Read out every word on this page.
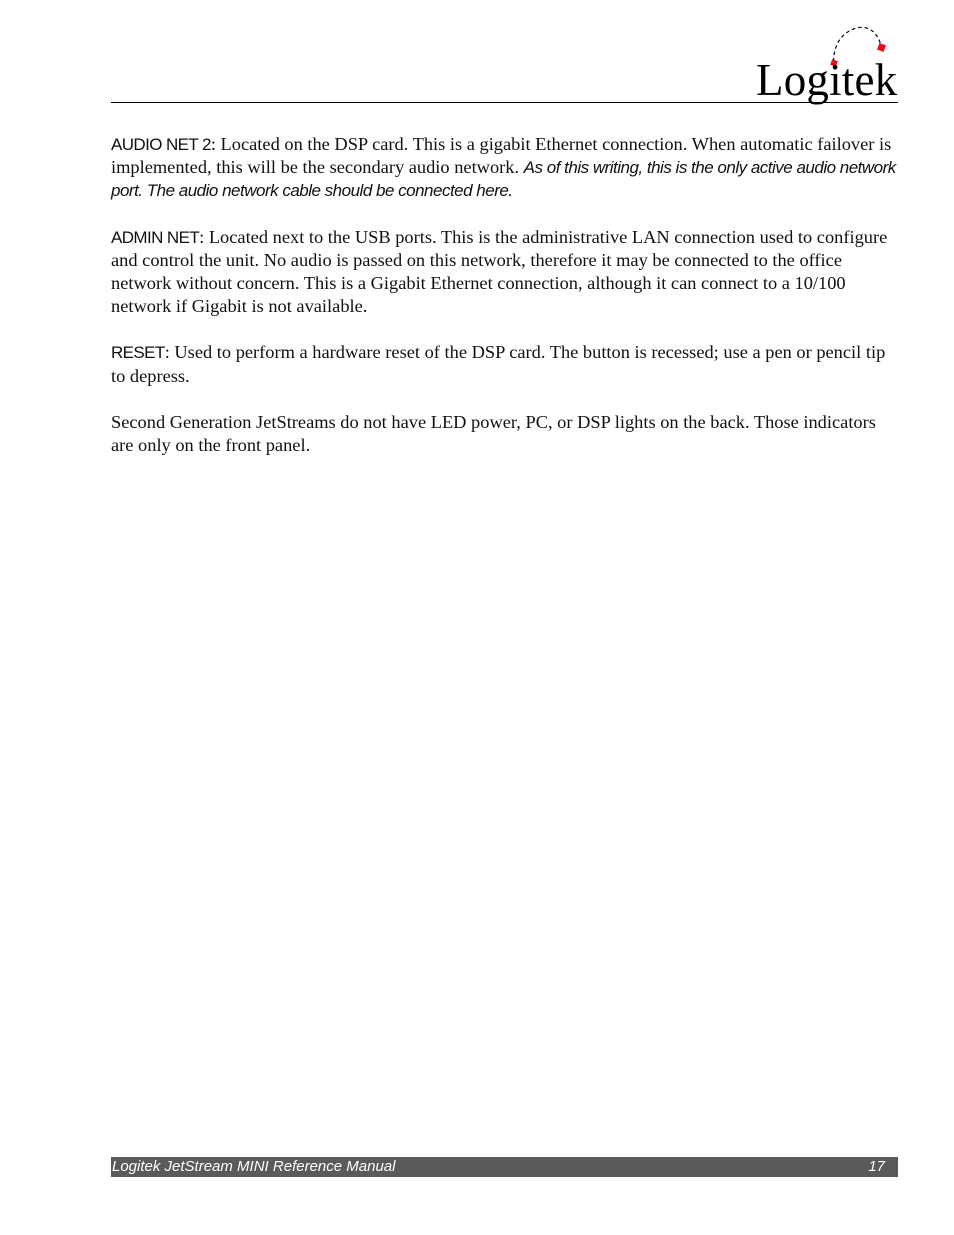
Logitek

AUDIO NET 2: Located on the DSP card. This is a gigabit Ethernet connection. When automatic failover is implemented, this will be the secondary audio network. As of this writing, this is the only active audio network port. The audio network cable should be connected here.

ADMIN NET: Located next to the USB ports. This is the administrative LAN connection used to configure and control the unit. No audio is passed on this network, therefore it may be connected to the office network without concern. This is a Gigabit Ethernet connection, although it can connect to a 10/100 network if Gigabit is not available.

RESET: Used to perform a hardware reset of the DSP card. The button is recessed; use a pen or pencil tip to depress.

Second Generation JetStreams do not have LED power, PC, or DSP lights on the back. Those indicators are only on the front panel.

Logitek JetStream MINI Reference Manual	17
